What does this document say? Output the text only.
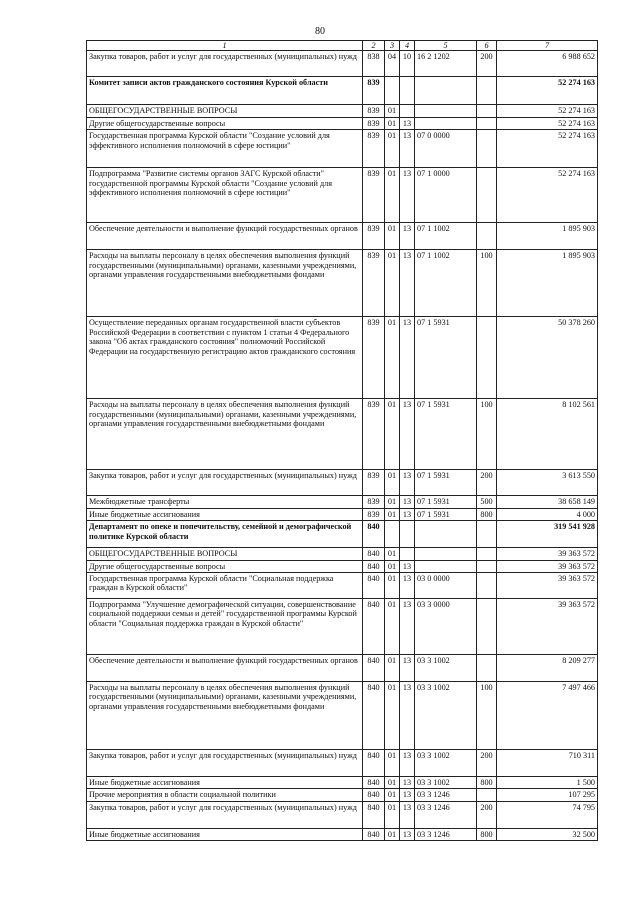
80
1	2	3	4	5	6	7
Закупка товаров, работ и услуг для государственных (муниципальных) нужд	838	04	10	16 2 1202	200	6 988 652
Комитет записи актов гражданского состояния Курской области	839					52 274 163
ОБЩЕГОСУДАРСТВЕННЫЕ ВОПРОСЫ	839	01				52 274 163
Другие общегосударственные вопросы	839	01	13			52 274 163
Государственная программа Курской области "Создание условий для эффективного исполнения полномочий в сфере юстиции"	839	01	13	07 0 0000		52 274 163
Подпрограмма "Развитие системы органов ЗАГС Курской области" государственной программы Курской области "Создание условий для эффективного исполнения полномочий в сфере юстиции"	839	01	13	07 1 0000		52 274 163
Обеспечение деятельности и выполнение функций государственных органов	839	01	13	07 1 1002		1 895 903
Расходы на выплаты персоналу в целях обеспечения выполнения функций государственными (муниципальными) органами, казенными учреждениями, органами управления государственными внебюджетными фондами	839	01	13	07 1 1002	100	1 895 903
Осуществление переданных органам государственной власти субъектов Российской Федерации в соответствии с пунктом 1 статьи 4 Федерального закона "Об актах гражданского состояния" полномочий Российской Федерации на государственную регистрацию актов гражданского состояния	839	01	13	07 1 5931		50 378 260
Расходы на выплаты персоналу в целях обеспечения выполнения функций государственными (муниципальными) органами, казенными учреждениями, органами управления государственными внебюджетными фондами	839	01	13	07 1 5931	100	8 102 561
Закупка товаров, работ и услуг для государственных (муниципальных) нужд	839	01	13	07 1 5931	200	3 613 550
Межбюджетные трансферты	839	01	13	07 1 5931	500	38 658 149
Иные бюджетные ассигнования	839	01	13	07 1 5931	800	4 000
Департамент по опеке и попечительству, семейной и демографической политике Курской области	840					319 541 928
ОБЩЕГОСУДАРСТВЕННЫЕ ВОПРОСЫ	840	01				39 363 572
Другие общегосударственные вопросы	840	01	13			39 363 572
Государственная программа Курской области "Социальная поддержка граждан в Курской области"	840	01	13	03 0 0000		39 363 572
Подпрограмма "Улучшение демографической ситуации, совершенствование социальной поддержки семьи и детей" государственной программы Курской области "Социальная поддержка граждан в Курской области"	840	01	13	03 3 0000		39 363 572
Обеспечение деятельности и выполнение функций государственных органов	840	01	13	03 3 1002		8 209 277
Расходы на выплаты персоналу в целях обеспечения выполнения функций государственными (муниципальными) органами, казенными учреждениями, органами управления государственными внебюджетными фондами	840	01	13	03 3 1002	100	7 497 466
Закупка товаров, работ и услуг для государственных (муниципальных) нужд	840	01	13	03 3 1002	200	710 311
Иные бюджетные ассигнования	840	01	13	03 3 1002	800	1 500
Прочие мероприятия в области социальной политики	840	01	13	03 3 1246		107 295
Закупка товаров, работ и услуг для государственных (муниципальных) нужд	840	01	13	03 3 1246	200	74 795
Иные бюджетные ассигнования	840	01	13	03 3 1246	800	32 500
